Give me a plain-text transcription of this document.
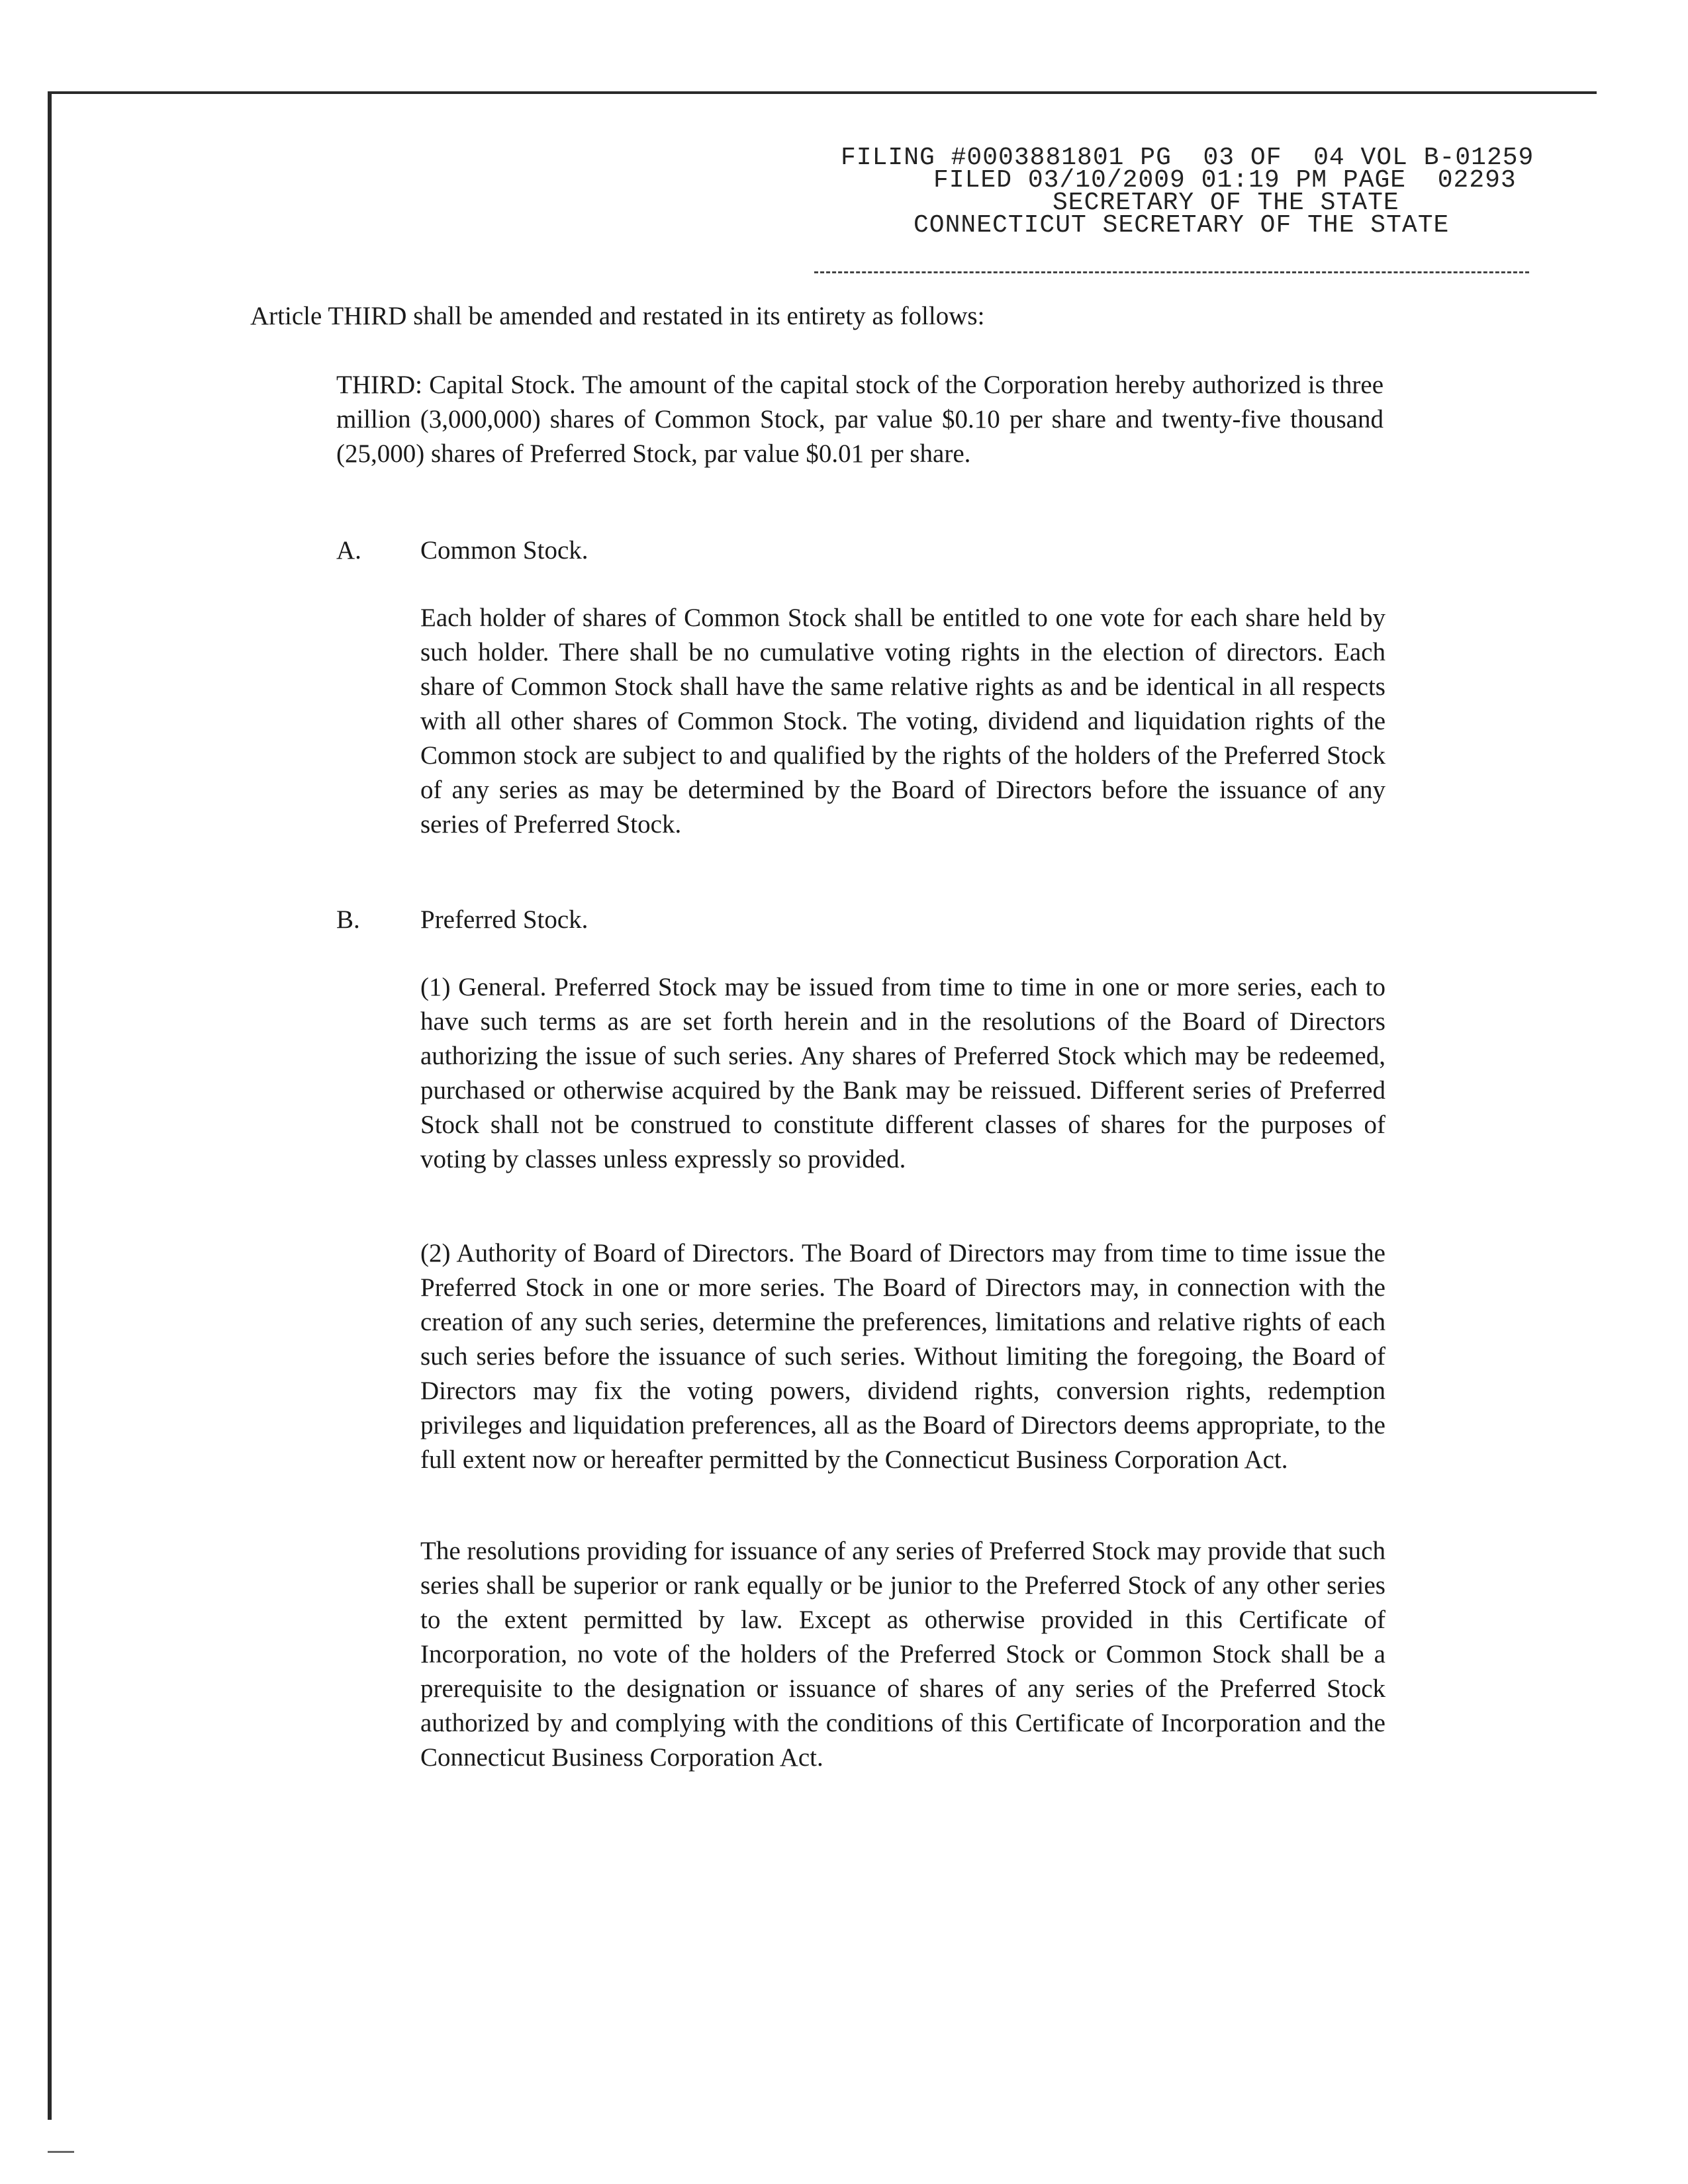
FILING #0003881801 PG  03 OF  04 VOL B-01259
FILED 03/10/2009 01:19 PM PAGE  02293
SECRETARY OF THE STATE
CONNECTICUT SECRETARY OF THE STATE
Article THIRD shall be amended and restated in its entirety as follows:
THIRD: Capital Stock. The amount of the capital stock of the Corporation hereby authorized is three million (3,000,000) shares of Common Stock, par value $0.10 per share and twenty-five thousand (25,000) shares of Preferred Stock, par value $0.01 per share.
A. Common Stock.
Each holder of shares of Common Stock shall be entitled to one vote for each share held by such holder. There shall be no cumulative voting rights in the election of directors. Each share of Common Stock shall have the same relative rights as and be identical in all respects with all other shares of Common Stock. The voting, dividend and liquidation rights of the Common stock are subject to and qualified by the rights of the holders of the Preferred Stock of any series as may be determined by the Board of Directors before the issuance of any series of Preferred Stock.
B. Preferred Stock.
(1) General. Preferred Stock may be issued from time to time in one or more series, each to have such terms as are set forth herein and in the resolutions of the Board of Directors authorizing the issue of such series. Any shares of Preferred Stock which may be redeemed, purchased or otherwise acquired by the Bank may be reissued. Different series of Preferred Stock shall not be construed to constitute different classes of shares for the purposes of voting by classes unless expressly so provided.
(2) Authority of Board of Directors. The Board of Directors may from time to time issue the Preferred Stock in one or more series. The Board of Directors may, in connection with the creation of any such series, determine the preferences, limitations and relative rights of each such series before the issuance of such series. Without limiting the foregoing, the Board of Directors may fix the voting powers, dividend rights, conversion rights, redemption privileges and liquidation preferences, all as the Board of Directors deems appropriate, to the full extent now or hereafter permitted by the Connecticut Business Corporation Act.
The resolutions providing for issuance of any series of Preferred Stock may provide that such series shall be superior or rank equally or be junior to the Preferred Stock of any other series to the extent permitted by law. Except as otherwise provided in this Certificate of Incorporation, no vote of the holders of the Preferred Stock or Common Stock shall be a prerequisite to the designation or issuance of shares of any series of the Preferred Stock authorized by and complying with the conditions of this Certificate of Incorporation and the Connecticut Business Corporation Act.
